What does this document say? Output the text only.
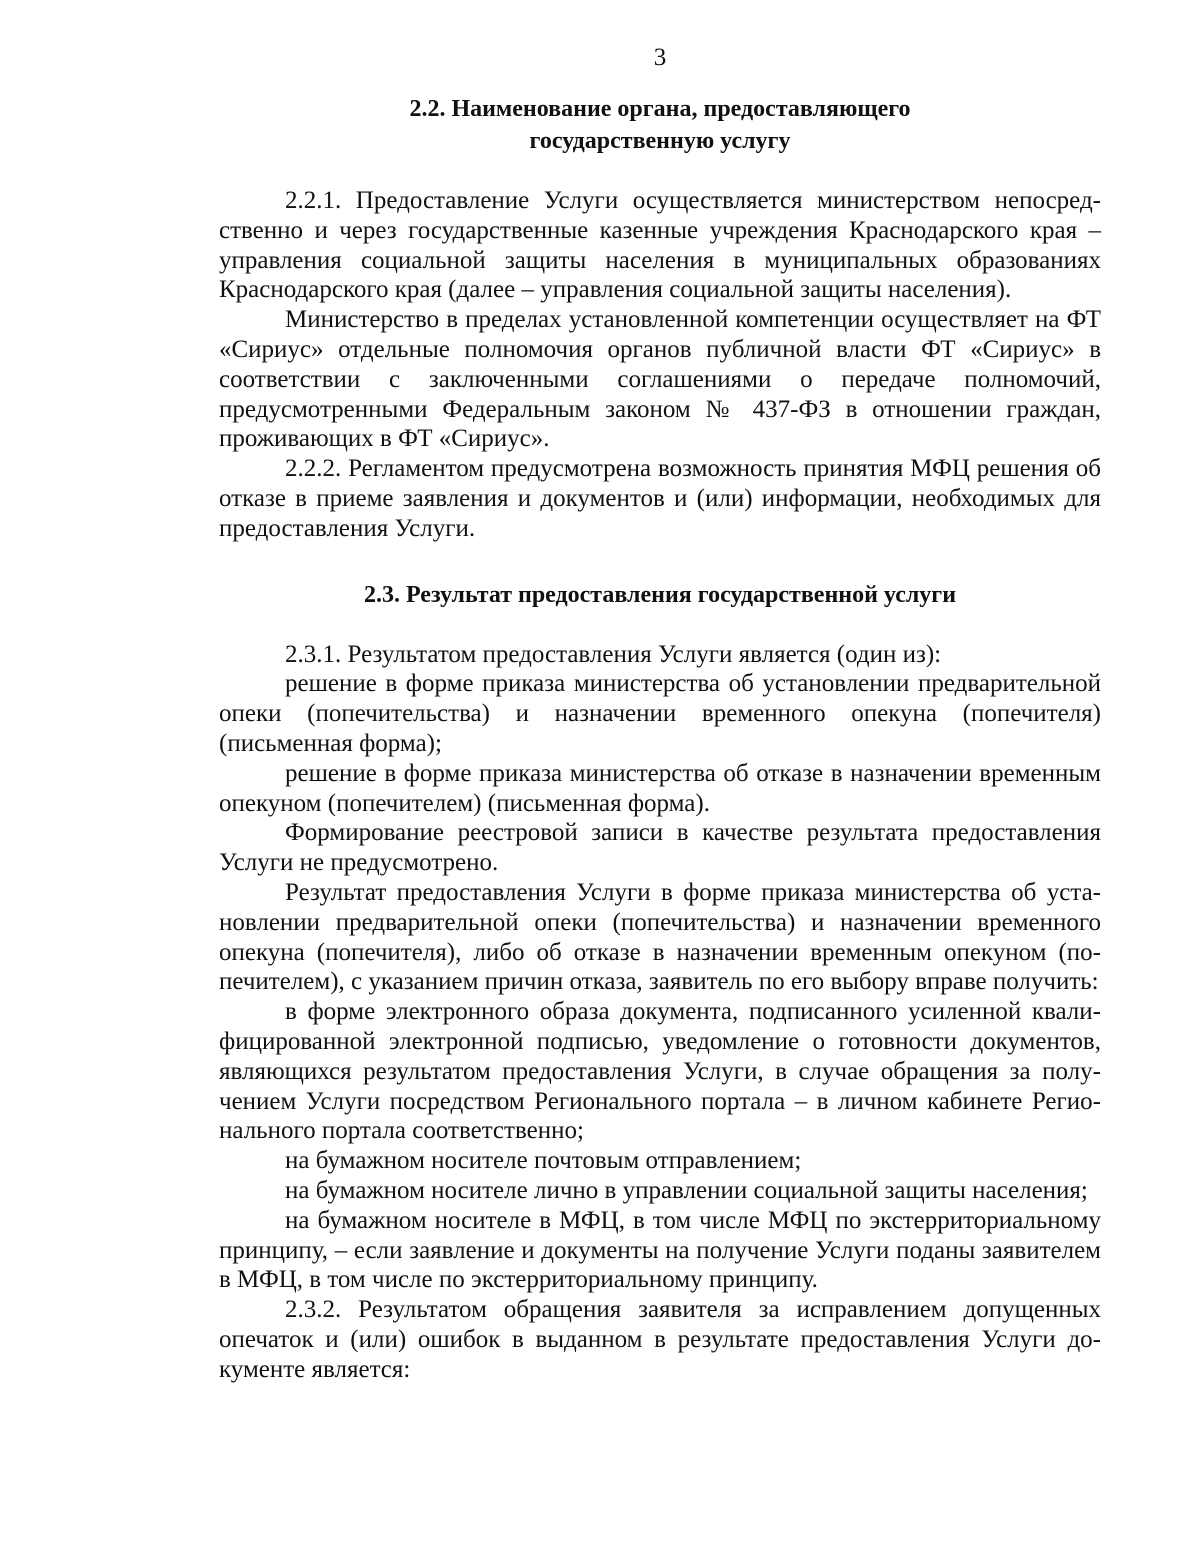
3
2.2. Наименование органа, предоставляющего
государственную услугу

2.2.1. Предоставление Услуги осуществляется министерством непосредственно и через государственные казенные учреждения Краснодарского края – управления социальной защиты населения в муниципальных образованиях Краснодарского края (далее – управления социальной защиты населения).

Министерство в пределах установленной компетенции осуществляет на ФТ «Сириус» отдельные полномочия органов публичной власти ФТ «Сириус» в соответствии с заключенными соглашениями о передаче полномочий, предусмотренными Федеральным законом № 437-ФЗ в отношении граждан, проживающих в ФТ «Сириус».

2.2.2. Регламентом предусмотрена возможность принятия МФЦ решения об отказе в приеме заявления и документов и (или) информации, необходимых для предоставления Услуги.

2.3. Результат предоставления государственной услуги

2.3.1. Результатом предоставления Услуги является (один из):

решение в форме приказа министерства об установлении предварительной опеки (попечительства) и назначении временного опекуна (попечителя) (письменная форма);

решение в форме приказа министерства об отказе в назначении временным опекуном (попечителем) (письменная форма).

Формирование реестровой записи в качестве результата предоставления Услуги не предусмотрено.

Результат предоставления Услуги в форме приказа министерства об установлении предварительной опеки (попечительства) и назначении временного опекуна (попечителя), либо об отказе в назначении временным опекуном (попечителем), с указанием причин отказа, заявитель по его выбору вправе получить:

в форме электронного образа документа, подписанного усиленной квалифицированной электронной подписью, уведомление о готовности документов, являющихся результатом предоставления Услуги, в случае обращения за получением Услуги посредством Регионального портала – в личном кабинете Регионального портала соответственно;

на бумажном носителе почтовым отправлением;

на бумажном носителе лично в управлении социальной защиты населения;

на бумажном носителе в МФЦ, в том числе МФЦ по экстерриториальному принципу, – если заявление и документы на получение Услуги поданы заявителем в МФЦ, в том числе по экстерриториальному принципу.

2.3.2. Результатом обращения заявителя за исправлением допущенных опечаток и (или) ошибок в выданном в результате предоставления Услуги документе является:
